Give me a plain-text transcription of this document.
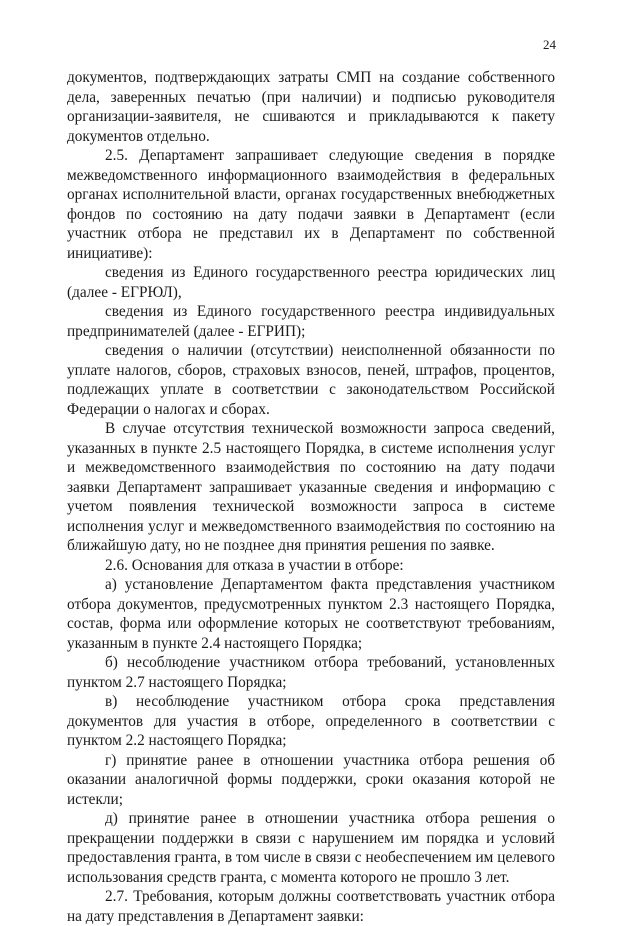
24

документов, подтверждающих затраты СМП на создание собственного дела, заверенных печатью (при наличии) и подписью руководителя организации-заявителя, не сшиваются и прикладываются к пакету документов отдельно.

2.5. Департамент запрашивает следующие сведения в порядке межведомственного информационного взаимодействия в федеральных органах исполнительной власти, органах государственных внебюджетных фондов по состоянию на дату подачи заявки в Департамент (если участник отбора не представил их в Департамент по собственной инициативе):

сведения из Единого государственного реестра юридических лиц (далее - ЕГРЮЛ),

сведения из Единого государственного реестра индивидуальных предпринимателей (далее - ЕГРИП);

сведения о наличии (отсутствии) неисполненной обязанности по уплате налогов, сборов, страховых взносов, пеней, штрафов, процентов, подлежащих уплате в соответствии с законодательством Российской Федерации о налогах и сборах.

В случае отсутствия технической возможности запроса сведений, указанных в пункте 2.5 настоящего Порядка, в системе исполнения услуг и межведомственного взаимодействия по состоянию на дату подачи заявки Департамент запрашивает указанные сведения и информацию с учетом появления технической возможности запроса в системе исполнения услуг и межведомственного взаимодействия по состоянию на ближайшую дату, но не позднее дня принятия решения по заявке.

2.6. Основания для отказа в участии в отборе:

а) установление Департаментом факта представления участником отбора документов, предусмотренных пунктом 2.3 настоящего Порядка, состав, форма или оформление которых не соответствуют требованиям, указанным в пункте 2.4 настоящего Порядка;

б) несоблюдение участником отбора требований, установленных пунктом 2.7 настоящего Порядка;

в) несоблюдение участником отбора срока представления документов для участия в отборе, определенного в соответствии с пунктом 2.2 настоящего Порядка;

г) принятие ранее в отношении участника отбора решения об оказании аналогичной формы поддержки, сроки оказания которой не истекли;

д) принятие ранее в отношении участника отбора решения о прекращении поддержки в связи с нарушением им порядка и условий предоставления гранта, в том числе в связи с необеспечением им целевого использования средств гранта, с момента которого не прошло 3 лет.

2.7. Требования, которым должны соответствовать участник отбора на дату представления в Департамент заявки:
